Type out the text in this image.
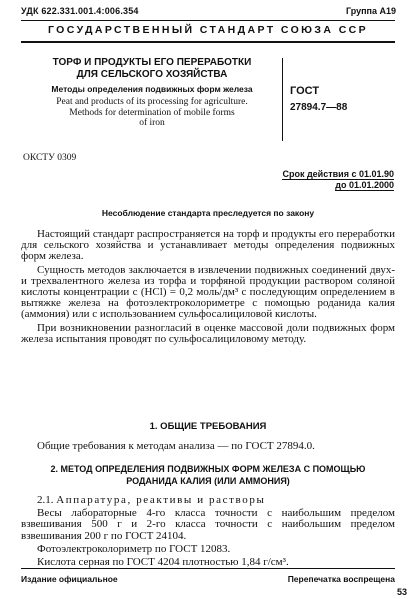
УДК 622.331.001.4:006.354	Группа А19
ГОСУДАРСТВЕННЫЙ СТАНДАРТ СОЮЗА ССР
ТОРФ И ПРОДУКТЫ ЕГО ПЕРЕРАБОТКИ
ДЛЯ СЕЛЬСКОГО ХОЗЯЙСТВА
Методы определения подвижных форм железа
Peat and products of its processing for agriculture.
Methods for determination of mobile forms
of iron
ГОСТ
27894.7—88
ОКСТУ 0309
Срок действия с 01.01.90
до 01.01.2000
Несоблюдение стандарта преследуется по закону

Настоящий стандарт распространяется на торф и продукты его переработки для сельского хозяйства и устанавливает методы определения подвижных форм железа.

Сущность методов заключается в извлечении подвижных соединений двух- и трехвалентного железа из торфа и торфяной продукции раствором соляной кислоты концентрации c (HCl) = 0,2 моль/дм³ с последующим определением в вытяжке железа на фотоэлектроколориметре с помощью роданида калия (аммония) или с использованием сульфосалициловой кислоты.

При возникновении разногласий в оценке массовой доли подвижных форм железа испытания проводят по сульфосалициловому методу.

1. ОБЩИЕ ТРЕБОВАНИЯ

Общие требования к методам анализа — по ГОСТ 27894.0.

2. МЕТОД ОПРЕДЕЛЕНИЯ ПОДВИЖНЫХ ФОРМ ЖЕЛЕЗА С ПОМОЩЬЮ
РОДАНИДА КАЛИЯ (ИЛИ АММОНИЯ)

2.1. Аппаратура, реактивы и растворы

Весы лабораторные 4-го класса точности с наибольшим пределом взвешивания 500 г и 2-го класса точности с наибольшим пределом взвешивания 200 г по ГОСТ 24104.

Фотоэлектроколориметр по ГОСТ 12083.

Кислота серная по ГОСТ 4204 плотностью 1,84 г/см³.

Издание официальное	Перепечатка воспрещена
53
